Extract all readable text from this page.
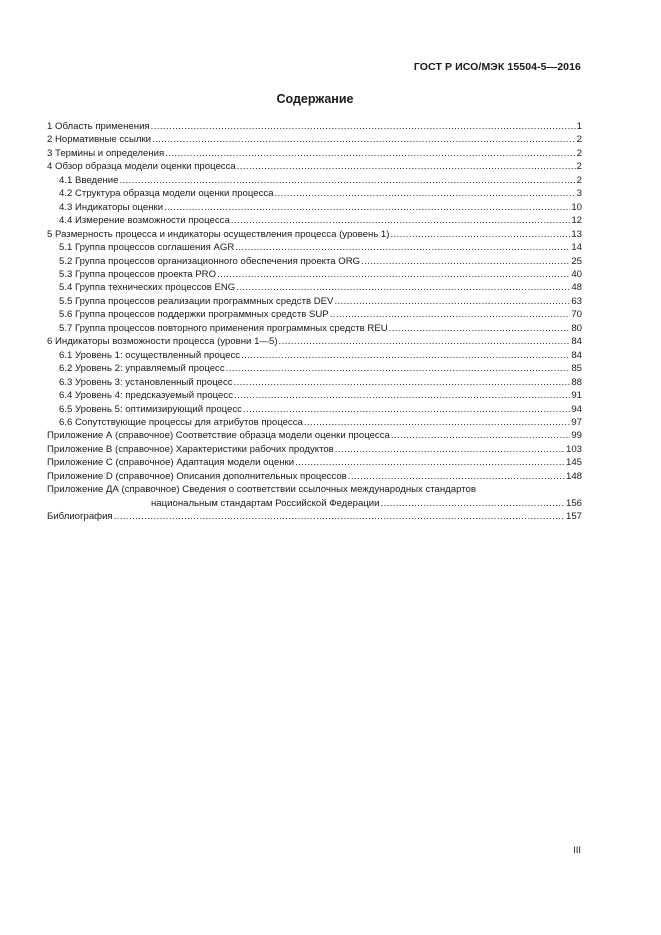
ГОСТ Р ИСО/МЭК 15504-5—2016
Содержание
1 Область применения .....	1
2 Нормативные ссылки .....	2
3 Термины и определения .....	2
4 Обзор образца модели оценки процесса .....	2
4.1 Введение .....	2
4.2 Структура образца модели оценки процесса .....	3
4.3 Индикаторы оценки .....	10
4.4 Измерение возможности процесса .....	12
5 Размерность процесса и индикаторы осуществления процесса (уровень 1) .....	13
5.1 Группа процессов соглашения AGR .....	14
5.2 Группа процессов организационного обеспечения проекта ORG .....	25
5.3 Группа процессов проекта PRO .....	40
5.4 Группа технических процессов ENG .....	48
5.5 Группа процессов реализации программных средств DEV .....	63
5.6 Группа процессов поддержки программных средств SUP .....	70
5.7 Группа процессов повторного применения программных средств REU .....	80
6 Индикаторы возможности процесса (уровни 1—5) .....	84
6.1 Уровень 1: осуществленный процесс .....	84
6.2 Уровень 2: управляемый процесс .....	85
6.3 Уровень 3: установленный процесс .....	88
6.4 Уровень 4: предсказуемый процесс .....	91
6.5 Уровень 5: оптимизирующий процесс .....	94
6.6 Сопутствующие процессы для атрибутов процесса .....	97
Приложение А (справочное) Соответствие образца модели оценки процесса .....	99
Приложение В (справочное) Характеристики рабочих продуктов .....	103
Приложение С (справочное) Адаптация модели оценки .....	145
Приложение D (справочное) Описания дополнительных процессов .....	148
Приложение ДА (справочное) Сведения о соответствии ссылочных международных стандартов
национальным стандартам Российской Федерации .....	156
Библиография .....	157
III
